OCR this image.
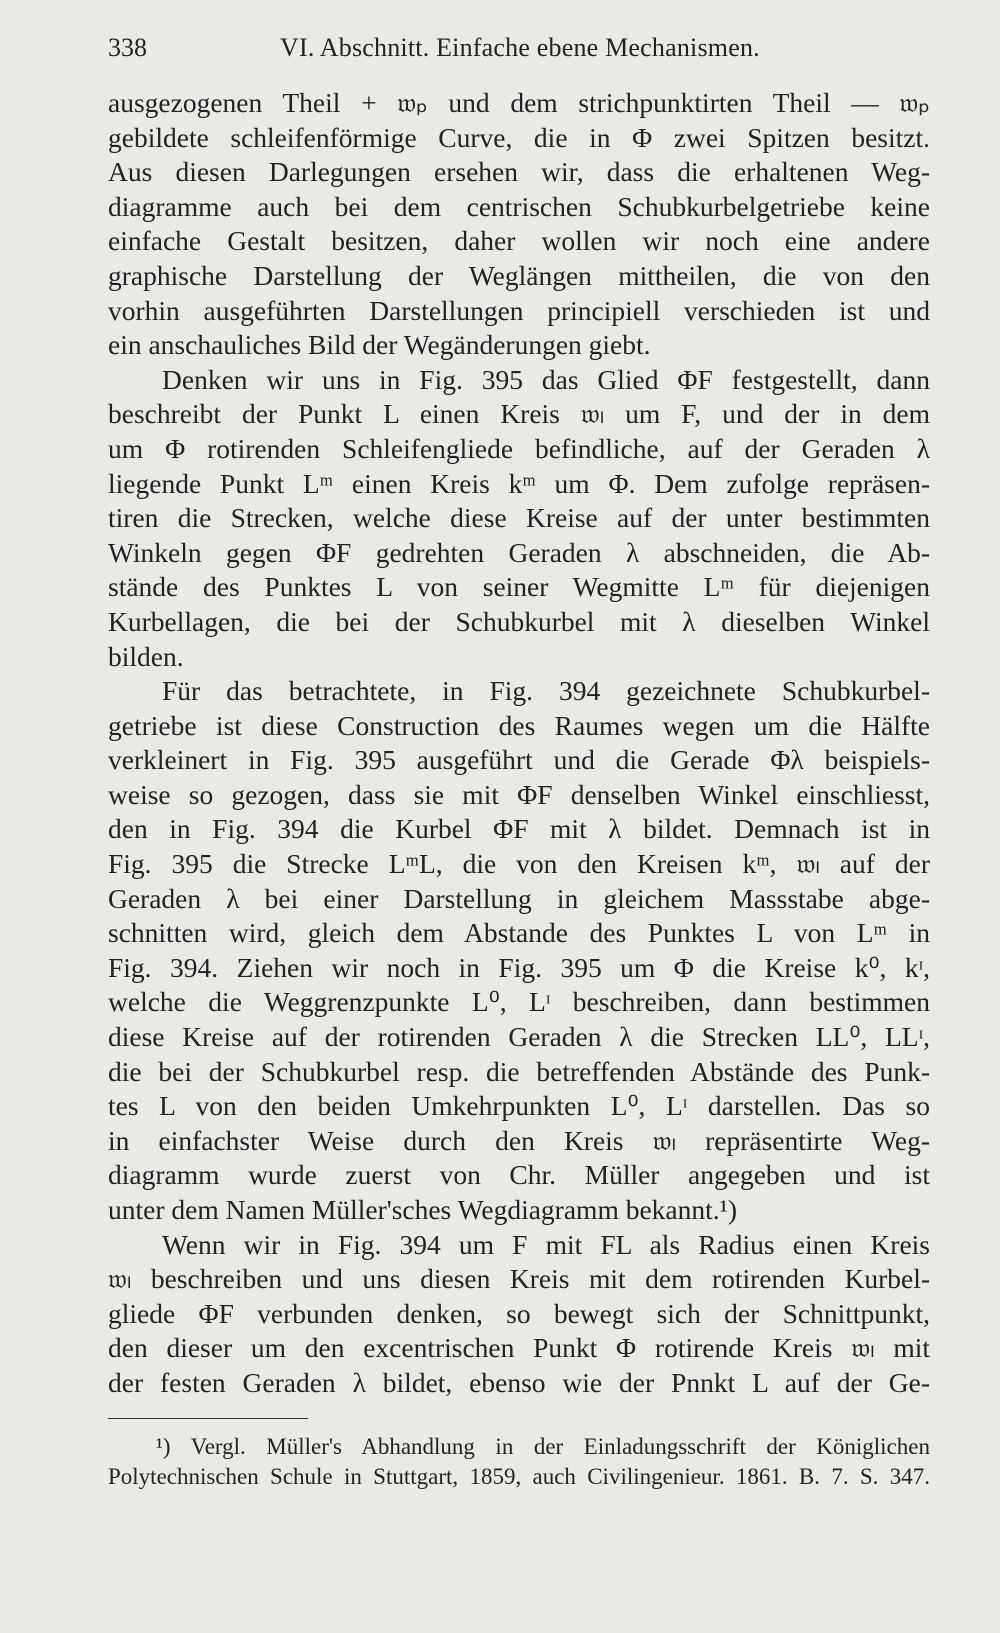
338	VI. Abschnitt. Einfache ebene Mechanismen.
ausgezogenen Theil + 𝔴ₚ und dem strichpunktirten Theil — 𝔴ₚ
gebildete schleifenförmige Curve, die in Φ zwei Spitzen besitzt.
Aus diesen Darlegungen ersehen wir, dass die erhaltenen Weg-
diagramme auch bei dem centrischen Schubkurbelgetriebe keine
einfache Gestalt besitzen, daher wollen wir noch eine andere
graphische Darstellung der Weglängen mittheilen, die von den
vorhin ausgeführten Darstellungen principiell verschieden ist und
ein anschauliches Bild der Wegänderungen giebt.
Denken wir uns in Fig. 395 das Glied ΦF festgestellt, dann
beschreibt der Punkt L einen Kreis 𝔴ₗ um F, und der in dem
um Φ rotirenden Schleifengliede befindliche, auf der Geraden λ
liegende Punkt Lᵐ einen Kreis kᵐ um Φ. Dem zufolge repräsen-
tiren die Strecken, welche diese Kreise auf der unter bestimmten
Winkeln gegen ΦF gedrehten Geraden λ abschneiden, die Ab-
stände des Punktes L von seiner Wegmitte Lᵐ für diejenigen
Kurbellagen, die bei der Schubkurbel mit λ dieselben Winkel
bilden.
Für das betrachtete, in Fig. 394 gezeichnete Schubkurbel-
getriebe ist diese Construction des Raumes wegen um die Hälfte
verkleinert in Fig. 395 ausgeführt und die Gerade Φλ beispiels-
weise so gezogen, dass sie mit ΦF denselben Winkel einschliesst,
den in Fig. 394 die Kurbel ΦF mit λ bildet. Demnach ist in
Fig. 395 die Strecke LᵐL, die von den Kreisen kᵐ, 𝔴ₗ auf der
Geraden λ bei einer Darstellung in gleichem Massstabe abge-
schnitten wird, gleich dem Abstande des Punktes L von Lᵐ in
Fig. 394. Ziehen wir noch in Fig. 395 um Φ die Kreise k⁰, kᶦ,
welche die Weggrenzpunkte L⁰, Lᶦ beschreiben, dann bestimmen
diese Kreise auf der rotirenden Geraden λ die Strecken LL⁰, LLᶦ,
die bei der Schubkurbel resp. die betreffenden Abstände des Punk-
tes L von den beiden Umkehrpunkten L⁰, Lᶦ darstellen. Das so
in einfachster Weise durch den Kreis 𝔴ₗ repräsentirte Weg-
diagramm wurde zuerst von Chr. Müller angegeben und ist
unter dem Namen Müller'sches Wegdiagramm bekannt.¹)
Wenn wir in Fig. 394 um F mit FL als Radius einen Kreis
𝔴ₗ beschreiben und uns diesen Kreis mit dem rotirenden Kurbel-
gliede ΦF verbunden denken, so bewegt sich der Schnittpunkt,
den dieser um den excentrischen Punkt Φ rotirende Kreis 𝔴ₗ mit
der festen Geraden λ bildet, ebenso wie der Pnnkt L auf der Ge-
¹) Vergl. Müller's Abhandlung in der Einladungsschrift der Königlichen
Polytechnischen Schule in Stuttgart, 1859, auch Civilingenieur. 1861. B. 7. S. 347.
